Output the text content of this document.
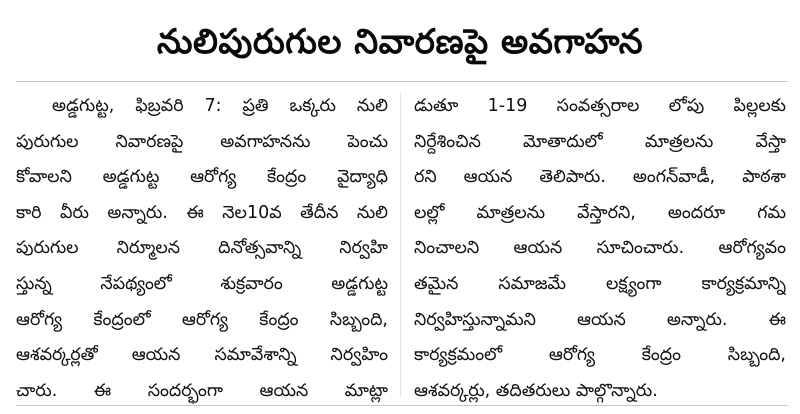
నులిపురుగుల నివారణపై అవగాహన
అడ్డగుట్ట, ఫిబ్రవరి 7: ప్రతి ఒక్కరు నులి
పురుగుల నివారణపై అవగాహనను పెంచు
కోవాలని అడ్డగుట్ట ఆరోగ్య కేంద్రం వైద్యాధి
కారి వీరు అన్నారు. ఈ నెల10వ తేదీన నులి
పురుగుల నిర్మూలన దినోత్సవాన్ని నిర్వహి
స్తున్న నేపథ్యంలో శుక్రవారం అడ్డగుట్ట
ఆరోగ్య కేంద్రంలో ఆరోగ్య కేంద్రం సిబ్బంది,
ఆశవర్కర్లతో ఆయన సమావేశాన్ని నిర్వహిం
చారు. ఈ సందర్భంగా ఆయన మాట్లా
డుతూ 1-19 సంవత్సరాల లోపు పిల్లలకు
నిర్దేశించిన మోతాదులో మాత్రలను వేస్తా
రని ఆయన తెలిపారు. అంగన్‌వాడీ, పాఠశా
లల్లో మాత్రలను వేస్తారని, అందరూ గమ
నించాలని ఆయన సూచించారు. ఆరోగ్యవం
తమైన సమాజమే లక్ష్యంగా కార్యక్రమాన్ని
నిర్వహిస్తున్నామని ఆయన అన్నారు. ఈ
కార్యక్రమంలో ఆరోగ్య కేంద్రం సిబ్బంది,
ఆశవర్కర్లు, తదితరులు పాల్గొన్నారు.
